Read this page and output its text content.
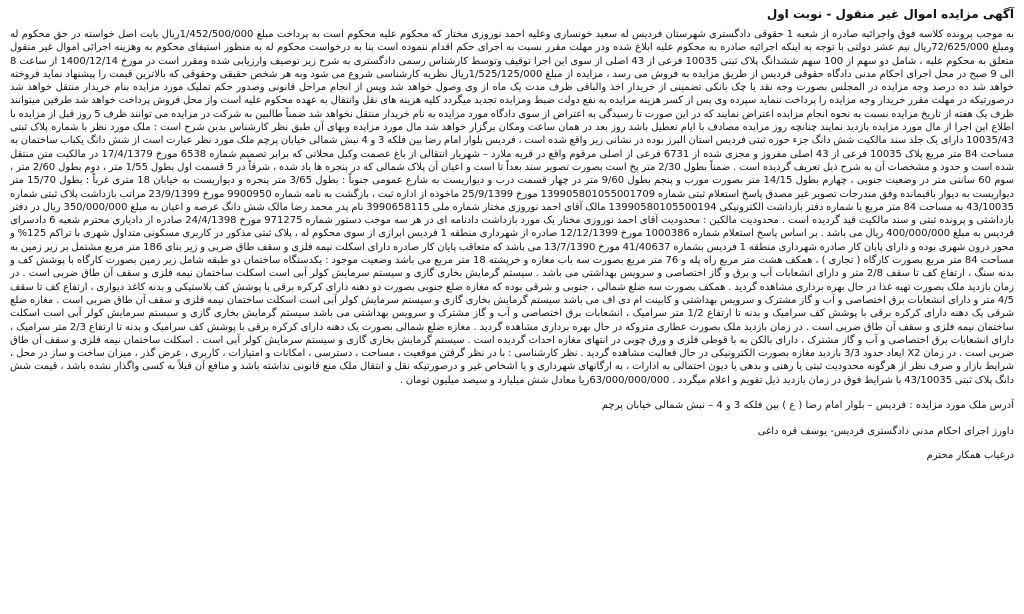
آگهی مزایده اموال غیر منقول - نوبت اول

به موجب پرونده کلاسه فوق واجرائیه صادره از شعبه 1 حقوقی دادگستری شهرستان فردیس له سعید خونساری وعلیه احمد نوروزی مختار که محکوم علیه محکوم است به پرداخت مبلغ 1/452/500/000ریال بابت اصل خواسته در حق محکوم له ومبلغ 72/625/000ریال نیم عشر دولتی با توجه به اینکه اجرائیه صادره به محکوم علیه ابلاغ شده ودر مهلت مقرر نسبت به اجرای حکم اقدام ننموده است بنا به درخواست محکوم له به منظور استیفای محکوم به وهزینه اجرائی اموال غیر منقول متعلق به محکوم علیه ، شامل دو سهم از 100 سهم ششدانگ پلاک ثبتی 10035 فرعی از 43 اصلی از سوی این اجرا توقیف وتوسط کارشناس رسمی دادگستری به شرح زیر توصیف وارزیابی شده ومقرر است در مورخ 1400/12/14 از ساعت 8 الی 9 صبح در محل اجرای احکام مدنی دادگاه حقوقی فردیس از طریق مزایده به فروش می رسد ، مزایده از مبلغ 1/525/125/000ریال نظریه کارشناسی شروع می شود وبه هر شخص حقیقی وحقوقی که بالاترین قیمت را پیشنهاد نماید فروخته خواهد شد ده درصد وجه مزایده در المجلس بصورت وجه نقد یا چک بانکی تضمینی از خریدار اخذ والباقی ظرف مدت یک ماه از وی وصول خواهد شد وپس از انجام مراحل قانونی وصدور حکم تملیک مورد مزایده بنام خریدار منتقل خواهد شد درصورتیکه در مهلت مقرر خریدار وجه مزایده را پرداخت ننماید سپرده وی پس از کسر هزینه مزایده به نفع دولت ضبط ومزایده تجدید میگردد کلیه هزینه های نقل وانتقال به عهده محکوم علیه است واز محل فروش پرداخت خواهد شد طرفین میتوانند ظرف یک هفته از تاریخ مزایده نسبت به نحوه انجام مزایده اعتراض نمایند که در این صورت تا رسیدگی به اعتراض از سوی دادگاه مورد مزایده به نام خریدار منتقل نخواهد شد ضمناً طالبین به شرکت در مزایده می توانند ظرف 5 روز قبل از مزایده با اطلاع این اجرا از مال مورد مزایده بازدید نمایند چنانچه روز مزایده مصادف با ایام تعطیل باشد روز بعد در همان ساعت ومکان برگزار خواهد شد مال مورد مزایده وبهای آن طبق نظر کارشناس بدین شرح است : ملک مورد نظر با شماره پلاک ثبتی 10035/43 دارای یک جلد سند مالکیت شش دانگ جزء حوزه ثبتی فردیس استان البرز بوده در نشانی زیر واقع شده است ، فردیس بلوار امام رضا بین فلکه 3 و 4 نبش شمالی خیابان پرچم ملک مورد نظر عبارت است از شش دانگ یکباب ساختمان به مساحت 84 متر مربع پلاک 10035 فرعی از 43 اصلی مفروز و مجزی شده از 6731 فرعی از اصلی مرقوم واقع در قریه ملارد – شهریار انتقالی از باغ عصمت وکیل محلاتی که برابر تصمیم شماره 6538 مورخ 17/4/1379 در مالکیت متن منتقل شده است و حدود و مشخصات آن به شرح ذیل تعریف گردیده است . ضمناً بطول 2/30 متر پخ است بصورت تصویر سند بعداً تا است و اعیان آن پلاک شمالی که در پنجره ها یاد شده ، شرقاً در 5 قسمت اول بطول 1/55 متر ، دوم بطول 2/60 متر ، سوم 60 سانتی متر در وضعیت جنوبی ، چهارم بطول 14/15 متر بصورت مورب و پنجم بطول 9/60 متر در چهار قسمت درب و دیواریست به شارع عمومی جنوباً : بطول 3/65 متر پنجره و دیواریست به خیابان 18 متری غرباً : بطول 15/70 متر دیواریست به دیوار باقیمانده وفق مندرجات تصویر غیر مصدق پاسخ استعلام ثبتی شماره 139905801055001709 مورخ 25/9/1399 ماخوذه از اداره ثبت ، بازگشت به نامه شماره 9900950 مورخ 23/9/1399 مراتب بازداشت پلاک ثبتی شماره 43/10035 به مساحت 84 متر مربع با شماره دفتر بازداشت الکترونیکی 13990580105500194 مالک آقای احمد نوروزی مختار شماره ملی 3990658115 نام پدر محمد رضا مالک شش دانگ عرصه و اعیان به مبلغ 350/000/000 ریال در دفتر بازداشتی و پرونده ثبتی و سند مالکیت قید گردیده است . محدودیت مالکین : محدودیت آقای احمد نوروزی مختار یک مورد بازداشت دادنامه ای در هر سه موجب دستور شماره 971275 مورخ 24/4/1398 صادره از دادیاری محترم شعبه 6 دادسرای فردیس به مبلغ 400/000/000 ریال می باشد . بر اساس پاسخ استعلام شماره 1000386 مورخ 12/12/1399 صادره از شهرداری منطقه 1 فردیس ابرازی از سوی محکوم له ، پلاک ثبتی مذکور در کاربری مسکونی متداول شهری با تراکم 125% و محور درون شهری بوده و دارای پایان کار صادره شهرداری منطقه 1 فردیس بشماره 41/40637 مورخ 13/7/1390 می باشد که متعاقب پایان کار صادره دارای اسکلت نیمه فلزی و سقف طاق ضربی و زیر بنای 186 متر مربع مشتمل بر زیر زمین به مساحت 84 متر مربع بصورت کارگاه ( تجاری ) ، همکف هشت متر مربع راه پله و 76 متر مربع بصورت سه باب مغازه و خرپشته 18 متر مربع می باشد وضعیت موجود : یکدستگاه ساختمان دو طبقه شامل زیر زمین بصورت کارگاه با پوشش کف و بدنه سنگ ، ارتفاع کف تا سقف 2/8 متر و دارای انشعابات آب و برق و گاز اختصاصی و سرویس بهداشتی می باشد . سیستم گرمایش بخاری گازی و سیستم سرمایش کولر آبی است اسکلت ساختمان نیمه فلزی و سقف آن طاق ضربی است . در زمان بازدید ملک بصورت تهیه غذا در حال بهره برداری مشاهده گردید . همکف بصورت سه ضلع شمالی ، جنوبی و شرقی بوده که مغازه ضلع جنوبی بصورت دو دهنه دارای کرکره برقی با پوشش کف پلاستیکی و بدنه کاغذ دیواری ، ارتفاع کف تا سقف 4/5 متر و دارای انشعابات برق اختصاصی و آب و گاز مشترک و سرویس بهداشتی و کابینت ام دی اف می باشد سیستم گرمایش بخاری گازی و سیستم سرمایش کولر آبی است اسکلت ساختمان نیمه فلزی و سقف آن طاق ضربی است . مغازه ضلع شرقی یک دهنه دارای کرکره برقی با پوشش کف سرامیک و بدنه تا ارتفاع 1/2 متر سرامیک ، انشعابات برق اختصاصی و آب و گاز مشترک و سرویس بهداشتی می باشد سیستم گرمایش بخاری گازی و سیستم سرمایش کولر آبی است اسکلت ساختمان نیمه فلزی و سقف آن طاق ضربی است . در زمان بازدید ملک بصورت عطاری متروکه در حال بهره برداری مشاهده گردید . مغازه ضلع شمالی بصورت یک دهنه دارای کرکره برقی با پوشش کف سرامیک و بدنه تا ارتفاع 2/3 متر سرامیک ، دارای انشعابات برق اختصاصی و آب و گاز مشترک ، دارای بالکن به با قوطی فلزی و ورق چوبی در انتهای مغازه احداث گردیده است . سیستم گرمایش بخاری گازی و سیستم سرمایش کولر آبی است . اسکلت ساختمان نیمه فلزی و سقف آن طاق ضربی است . در زمان X2 ایعاد حدود 3/3 بازدید مغازه بصورت الکترونیکی در حال فعالیت مشاهده گردید . نظر کارشناسی : با در نظر گرفتن موقعیت ، مساحت ، دسترسی ، امکانات و امتیازات ، کاربری ، عرض گذر ، میزان ساخت و ساز در محل ، شرایط بازار و صرف نظر از هرگونه محدودیت ثبتی یا رهنی و بدهی یا دیون احتمالی به ادارات ، به ارگانهای شهرداری و یا اشخاص غیر و درصورتیکه نقل و انتقال ملک منع قانونی نداشته باشد و منافع آن قبلاً به کسی واگذار نشده باشد ، قیمت شش دانگ پلاک ثبتی 43/10035 با شرایط فوق در زمان بازدید ذیل تقویم و اعلام میگردد . 63/000/000/000ریا معادل شش میلیارد و سیصد میلیون تومان .

آدرس ملک مورد مزایده : فردیس – بلوار امام رضا ( ع ) بین فلکه 3 و 4 – نبش شمالی خیابان پرچم

داورز اجرای احکام مدنی دادگستری فردیس- یوسف قره داغی

درغیاب همکار محترم
